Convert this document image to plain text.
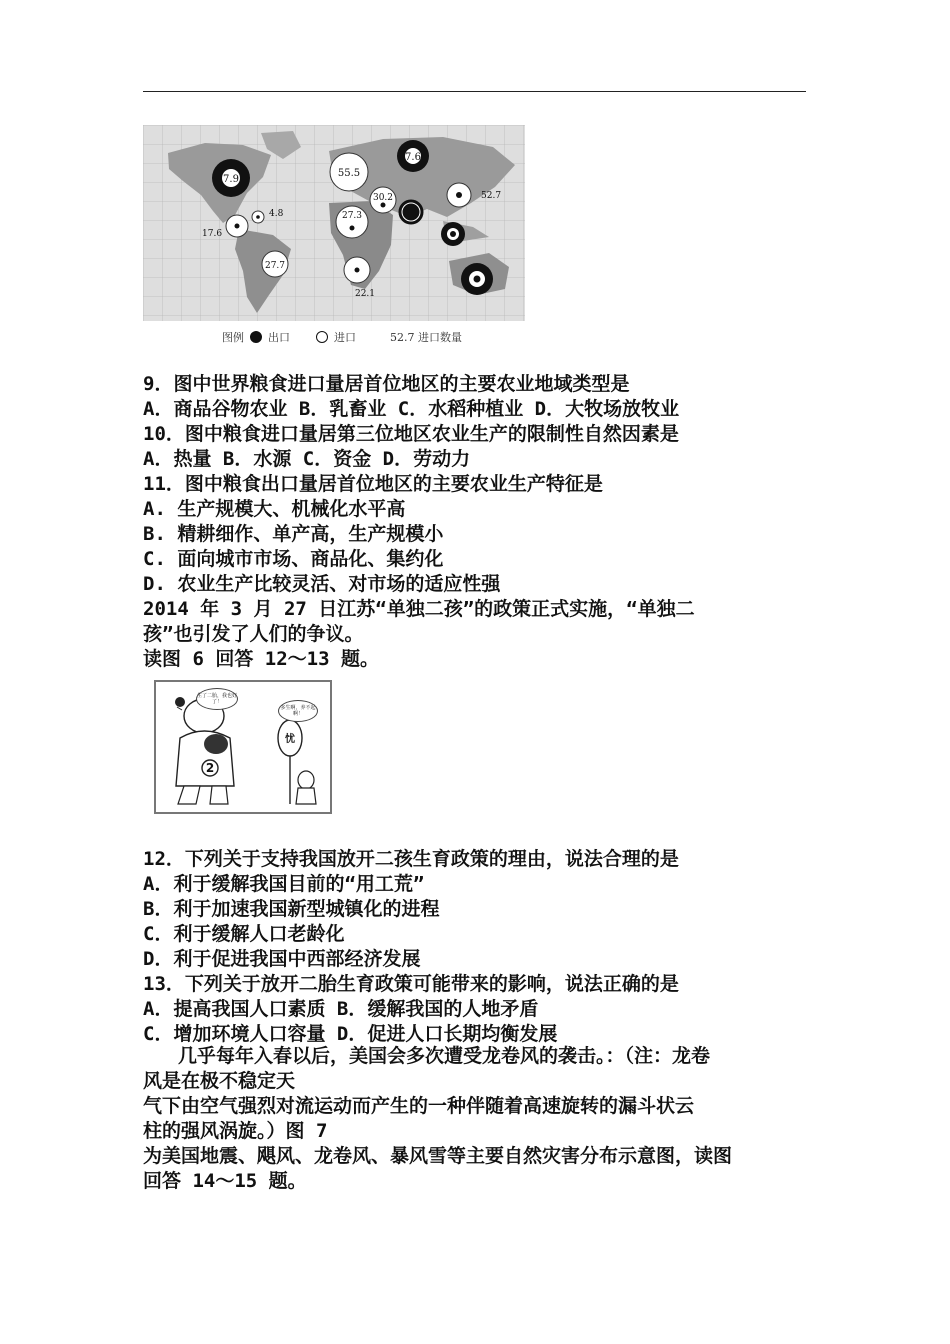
7.9
7.6
55.5
30.2
27.3
4.8
17.6
27.7
22.1
52.7
图例 出口	进口	52.7 进口数量
9．图中世界粮食进口量居首位地区的主要农业地域类型是
A．商品谷物农业 B．乳畜业 C．水稻种植业 D．大牧场放牧业
10．图中粮食进口量居第三位地区农业生产的限制性自然因素是
A．热量 B．水源 C．资金 D．劳动力
11．图中粮食出口量居首位地区的主要农业生产特征是
A. 生产规模大、机械化水平高
B. 精耕细作、单产高，生产规模小
C. 面向城市市场、商品化、集约化
D. 农业生产比较灵活、对市场的适应性强
2014 年 3 月 27 日江苏“单独二孩”的政策正式实施，“单独二
孩”也引发了人们的争议。
读图 6 回答 12～13 题。
2
忧
生了二胎，我也好了！
多生啊，养不起啊！
12．下列关于支持我国放开二孩生育政策的理由，说法合理的是
A．利于缓解我国目前的“用工荒”
B．利于加速我国新型城镇化的进程
C．利于缓解人口老龄化
D．利于促进我国中西部经济发展
13．下列关于放开二胎生育政策可能带来的影响，说法正确的是
A．提高我国人口素质 B．缓解我国的人地矛盾
C．增加环境人口容量 D．促进人口长期均衡发展
几乎每年入春以后，美国会多次遭受龙卷风的袭击。：（注：龙卷
风是在极不稳定天
气下由空气强烈对流运动而产生的一种伴随着高速旋转的漏斗状云
柱的强风涡旋。）图 7
为美国地震、飓风、龙卷风、暴风雪等主要自然灾害分布示意图，读图
回答 14～15 题。
